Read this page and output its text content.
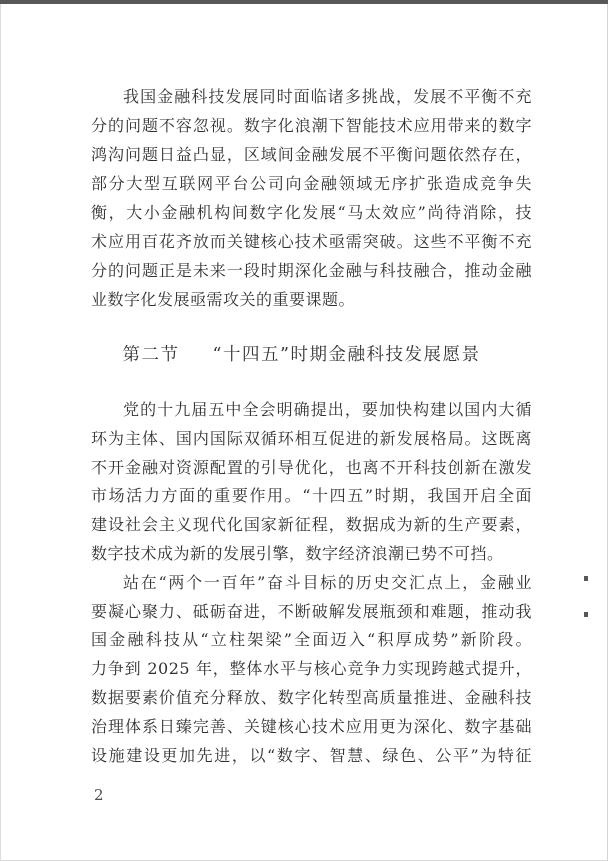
我国金融科技发展同时面临诸多挑战，发展不平衡不充
分的问题不容忽视。数字化浪潮下智能技术应用带来的数字
鸿沟问题日益凸显，区域间金融发展不平衡问题依然存在，
部分大型互联网平台公司向金融领域无序扩张造成竞争失
衡，大小金融机构间数字化发展“马太效应”尚待消除，技
术应用百花齐放而关键核心技术亟需突破。这些不平衡不充
分的问题正是未来一段时期深化金融与科技融合，推动金融
业数字化发展亟需攻关的重要课题。
第二节 “十四五”时期金融科技发展愿景
党的十九届五中全会明确提出，要加快构建以国内大循
环为主体、国内国际双循环相互促进的新发展格局。这既离
不开金融对资源配置的引导优化，也离不开科技创新在激发
市场活力方面的重要作用。“十四五”时期，我国开启全面
建设社会主义现代化国家新征程，数据成为新的生产要素，
数字技术成为新的发展引擎，数字经济浪潮已势不可挡。
站在“两个一百年”奋斗目标的历史交汇点上，金融业
要凝心聚力、砥砺奋进，不断破解发展瓶颈和难题，推动我
国金融科技从“立柱架梁”全面迈入“积厚成势”新阶段。
力争到 2025 年，整体水平与核心竞争力实现跨越式提升，
数据要素价值充分释放、数字化转型高质量推进、金融科技
治理体系日臻完善、关键核心技术应用更为深化、数字基础
设施建设更加先进，以“数字、智慧、绿色、公平”为特征
2
